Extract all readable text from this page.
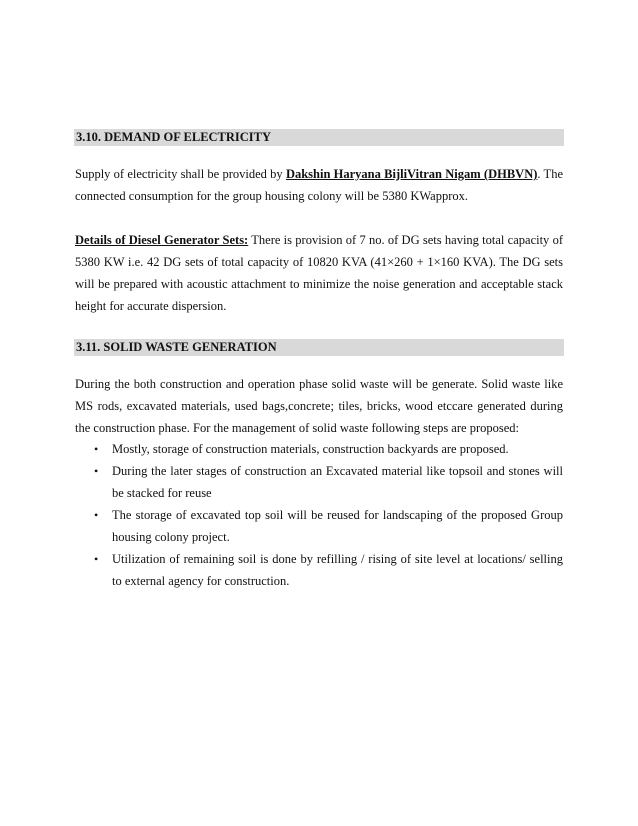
3.10. DEMAND OF ELECTRICITY

Supply of electricity shall be provided by Dakshin Haryana BijliVitran Nigam (DHBVN). The connected consumption for the group housing colony will be 5380 KWapprox.

Details of Diesel Generator Sets: There is provision of 7 no. of DG sets having total capacity of 5380 KW i.e. 42 DG sets of total capacity of 10820 KVA (41×260 + 1×160 KVA). The DG sets will be prepared with acoustic attachment to minimize the noise generation and acceptable stack height for accurate dispersion.

3.11. SOLID WASTE GENERATION

During the both construction and operation phase solid waste will be generate. Solid waste like MS rods, excavated materials, used bags,concrete; tiles, bricks, wood etccare generated during the construction phase. For the management of solid waste following steps are proposed:

• Mostly, storage of construction materials, construction backyards are proposed.
• During the later stages of construction an Excavated material like topsoil and stones will be stacked for reuse
• The storage of excavated top soil will be reused for landscaping of the proposed Group housing colony project.
• Utilization of remaining soil is done by refilling / rising of site level at locations/ selling to external agency for construction.
